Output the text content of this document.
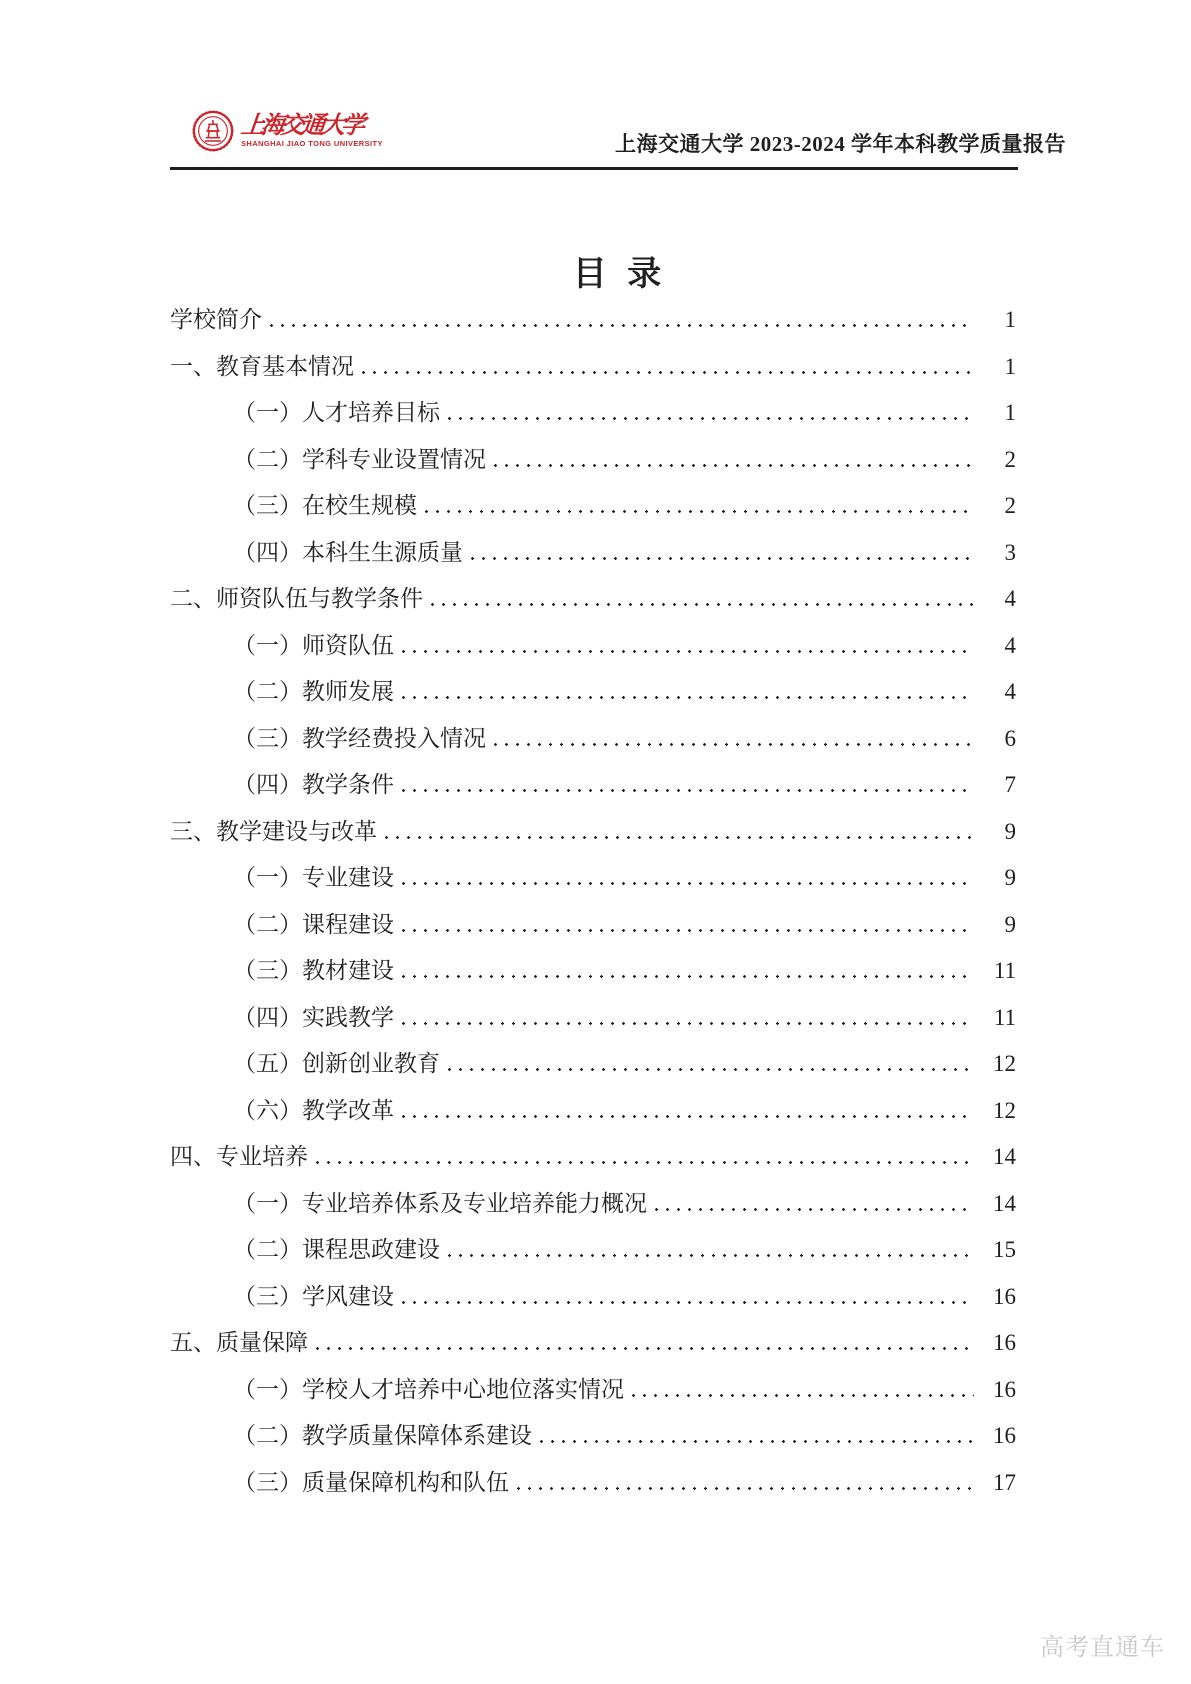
上海交通大学
SHANGHAI JIAO TONG UNIVERSITY	上海交通大学 2023-2024 学年本科教学质量报告
目 录
学校简介	1
一、教育基本情况	1
（一）人才培养目标	1
（二）学科专业设置情况	2
（三）在校生规模	2
（四）本科生生源质量	3
二、师资队伍与教学条件	4
（一）师资队伍	4
（二）教师发展	4
（三）教学经费投入情况	6
（四）教学条件	7
三、教学建设与改革	9
（一）专业建设	9
（二）课程建设	9
（三）教材建设	11
（四）实践教学	11
（五）创新创业教育	12
（六）教学改革	12
四、专业培养	14
（一）专业培养体系及专业培养能力概况	14
（二）课程思政建设	15
（三）学风建设	16
五、质量保障	16
（一）学校人才培养中心地位落实情况	16
（二）教学质量保障体系建设	16
（三）质量保障机构和队伍	17
高考直通车
